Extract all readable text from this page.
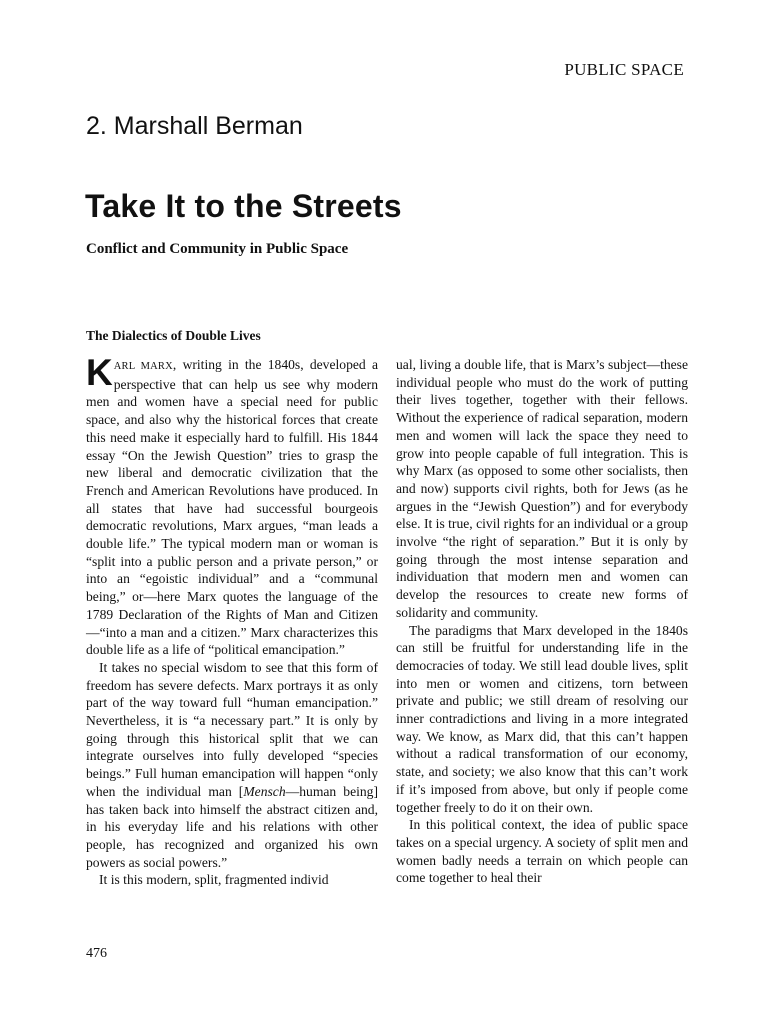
PUBLIC SPACE
2. Marshall Berman
Take It to the Streets
Conflict and Community in Public Space
The Dialectics of Double Lives

KARL MARX, writing in the 1840s, developed a perspective that can help us see why modern men and women have a special need for public space, and also why the historical forces that create this need make it especially hard to fulfill. His 1844 essay “On the Jewish Question” tries to grasp the new liberal and democratic civilization that the French and American Revolutions have produced. In all states that have had successful bourgeois democratic revolutions, Marx argues, “man leads a double life.” The typical modern man or woman is “split into a public person and a private person,” or into an “egoistic individual” and a “communal being,” or—here Marx quotes the language of the 1789 Declaration of the Rights of Man and Citizen—“into a man and a citizen.” Marx characterizes this double life as a life of “political emancipation.”

It takes no special wisdom to see that this form of freedom has severe defects. Marx portrays it as only part of the way toward full “human emancipation.” Nevertheless, it is “a necessary part.” It is only by going through this historical split that we can integrate ourselves into fully developed “species beings.” Full human emancipation will happen “only when the individual man [Mensch—human being] has taken back into himself the abstract citizen and, in his everyday life and his relations with other people, has recognized and organized his own powers as social powers.”

It is this modern, split, fragmented individ

ual, living a double life, that is Marx’s subject—these individual people who must do the work of putting their lives together, together with their fellows. Without the experience of radical separation, modern men and women will lack the space they need to grow into people capable of full integration. This is why Marx (as opposed to some other socialists, then and now) supports civil rights, both for Jews (as he argues in the “Jewish Question”) and for everybody else. It is true, civil rights for an individual or a group involve “the right of separation.” But it is only by going through the most intense separation and individuation that modern men and women can develop the resources to create new forms of solidarity and community.

The paradigms that Marx developed in the 1840s can still be fruitful for understanding life in the democracies of today. We still lead double lives, split into men or women and citizens, torn between private and public; we still dream of resolving our inner contradictions and living in a more integrated way. We know, as Marx did, that this can’t happen without a radical transformation of our economy, state, and society; we also know that this can’t work if it’s imposed from above, but only if people come together freely to do it on their own.

In this political context, the idea of public space takes on a special urgency. A society of split men and women badly needs a terrain on which people can come together to heal their

476
